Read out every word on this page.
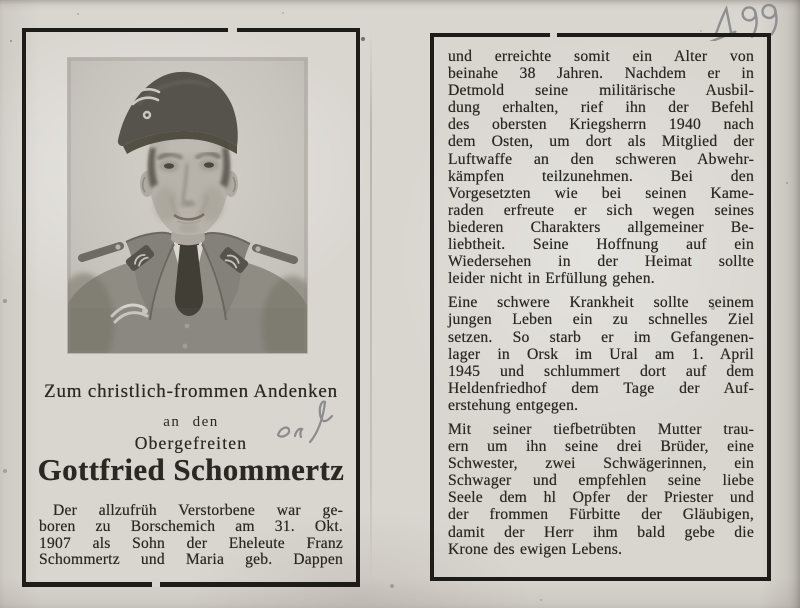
Zum christlich-frommen Andenken
an den
Obergefreiten
Gottfried Schommertz
Der allzufrüh Verstorbene war ge-
boren zu Borschemich am 31. Okt.
1907 als Sohn der Eheleute Franz
Schommertz und Maria geb. Dappen
und erreichte somit ein Alter von
beinahe 38 Jahren. Nachdem er in
Detmold seine militärische Ausbil-
dung erhalten, rief ihn der Befehl
des obersten Kriegsherrn 1940 nach
dem Osten, um dort als Mitglied der
Luftwaffe an den schweren Abwehr-
kämpfen teilzunehmen. Bei den
Vorgesetzten wie bei seinen Kame-
raden erfreute er sich wegen seines
biederen Charakters allgemeiner Be-
liebtheit. Seine Hoffnung auf ein
Wiedersehen in der Heimat sollte
leider nicht in Erfüllung gehen.
Eine schwere Krankheit sollte seinem
jungen Leben ein zu schnelles Ziel
setzen. So starb er im Gefangenen-
lager in Orsk im Ural am 1. April
1945 und schlummert dort auf dem
Heldenfriedhof dem Tage der Auf-
erstehung entgegen.
Mit seiner tiefbetrübten Mutter trau-
ern um ihn seine drei Brüder, eine
Schwester, zwei Schwägerinnen, ein
Schwager und empfehlen seine liebe
Seele dem hl Opfer der Priester und
der frommen Fürbitte der Gläubigen,
damit der Herr ihm bald gebe die
Krone des ewigen Lebens.
